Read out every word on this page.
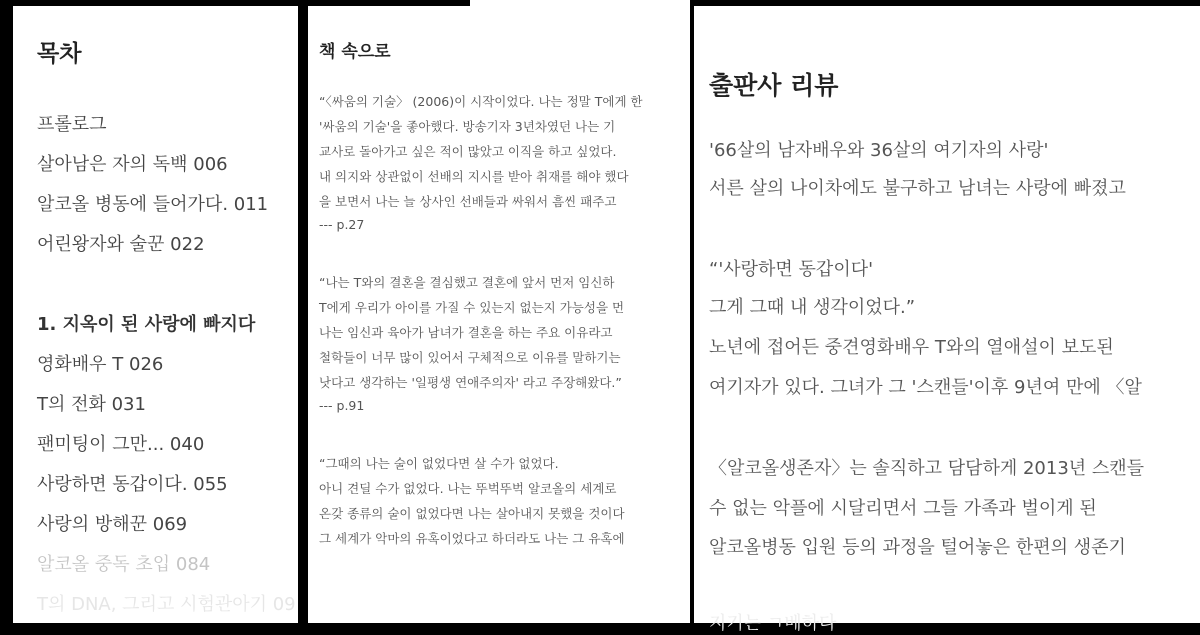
목차
프롤로그
살아남은 자의 독백 006
알코올 병동에 들어가다. 011
어린왕자와 술꾼 022
1. 지옥이 된 사랑에 빠지다
영화배우 T 026
T의 전화 031
팬미팅이 그만... 040
사랑하면 동갑이다. 055
사랑의 방해꾼 069
알코올 중독 초입 084
T의 DNA, 그리고 시험관아기 09
책 속으로
“〈싸움의 기술〉 (2006)이 시작이었다. 나는 정말 T에게 한
'싸움의 기술'을 좋아했다. 방송기자 3년차였던 나는 기
교사로 돌아가고 싶은 적이 많았고 이직을 하고 싶었다.
내 의지와 상관없이 선배의 지시를 받아 취재를 해야 했다
을 보면서 나는 늘 상사인 선배들과 싸워서 흠씬 패주고
--- p.27
“나는 T와의 결혼을 결심했고 결혼에 앞서 먼저 임신하
T에게 우리가 아이를 가질 수 있는지 없는지 가능성을 먼
나는 임신과 육아가 남녀가 결혼을 하는 주요 이유라고
철학들이 너무 많이 있어서 구체적으로 이유를 말하기는
낫다고 생각하는 '일평생 연애주의자' 라고 주장해왔다.”
--- p.91
“그때의 나는 술이 없었다면 살 수가 없었다.
아니 견딜 수가 없었다. 나는 뚜벅뚜벅 알코올의 세계로
온갖 종류의 술이 없었다면 나는 살아내지 못했을 것이다
그 세계가 악마의 유혹이었다고 하더라도 나는 그 유혹에
출판사 리뷰
'66살의 남자배우와 36살의 여기자의 사랑'
서른 살의 나이차에도 불구하고 남녀는 사랑에 빠졌고
“'사랑하면 동갑이다'
그게 그때 내 생각이었다.”
노년에 접어든 중견영화배우 T와의 열애설이 보도된
여기자가 있다. 그녀가 그 '스캔들'이후 9년여 만에 〈알
〈알코올생존자〉는 솔직하고 담담하게 2013년 스캔들
수 없는 악플에 시달리면서 그들 가족과 벌이게 된
알코올병동 입원 등의 과정을 털어놓은 한편의 생존기
지기는 ㄱ베하다
